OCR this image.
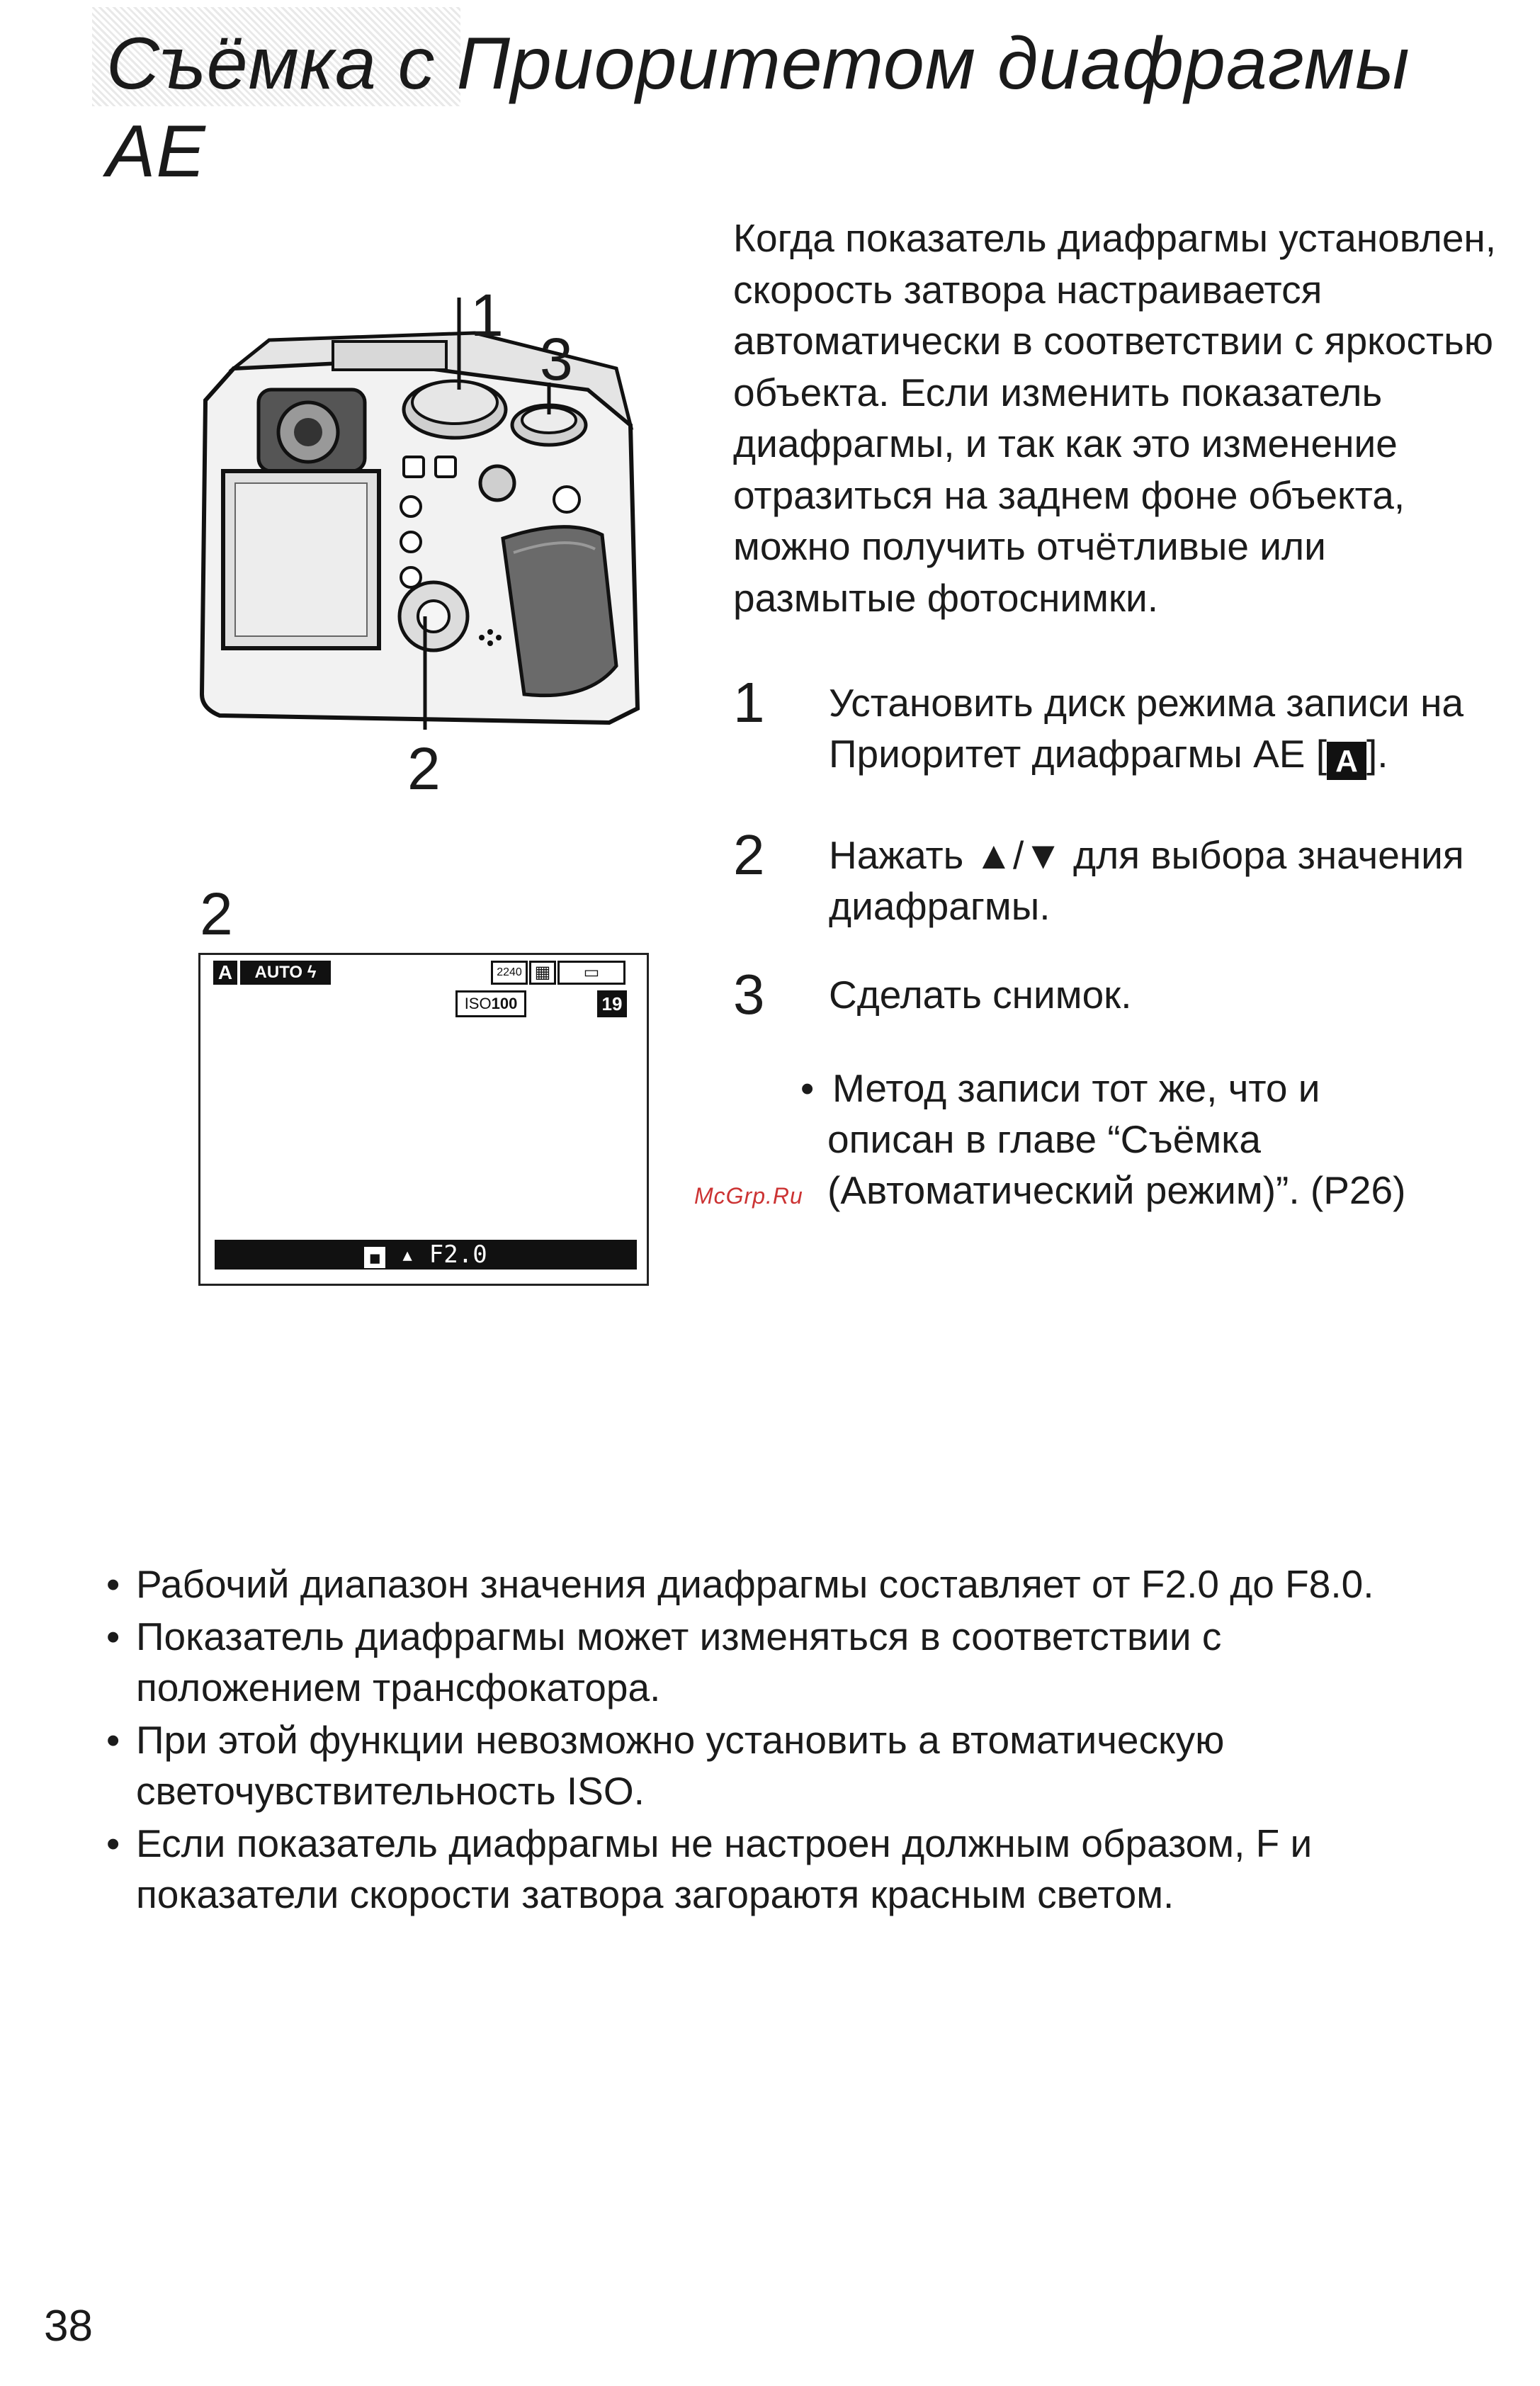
Съёмка с Приоритетом диафрагмы
AE
1
3
2
2
A	AUTO ϟ	2240 ▦	▭
ISO100	19
▪ ▴ F2.0
Когда показатель диафрагмы установлен, скорость затвора настраивается автоматически в соответствии с яркостью объекта. Если изменить показатель диафрагмы, и так как это изменение отразиться на заднем фоне объекта, можно получить отчётливые или размытые фотоснимки.
1 Установить диск режима записи на Приоритет диафрагмы AE [ A ].
2 Нажать ▲/▼ для выбора значения диафрагмы.
3 Сделать снимок.
• Метод записи тот же, что и
описан в главе “Съёмка
McGrp.Ru (Автоматический режим)”. (P26)
• Рабочий диапазон значения диафрагмы составляет от F2.0 до F8.0.
• Показатель диафрагмы может изменяться в соответствии с положением трансфокатора.
• При этой функции невозможно установить а втоматическую светочувствительность ISO.
• Если показатель диафрагмы не настроен должным образом, F и показатели скорости затвора загораютя красным светом.
38
